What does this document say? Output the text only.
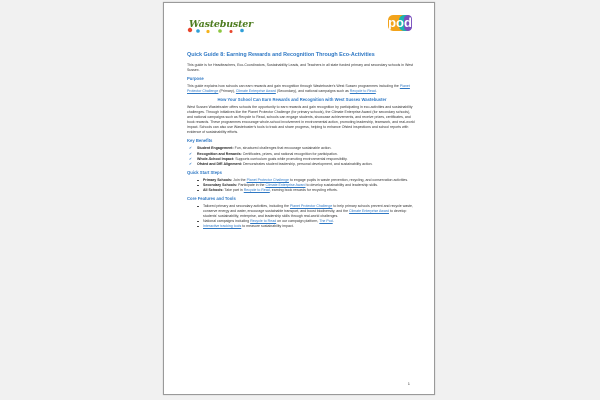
Wastebuster	pod
Quick Guide 8: Earning Rewards and Recognition Through Eco-Activities

This guide is for Headteachers, Eco-Coordinators, Sustainability Leads, and Teachers in all state funded primary and secondary schools in West Sussex.

Purpose

This guide explains how schools can earn rewards and gain recognition through Wastebuster's West Sussex programmes including the Planet Protector Challenge (Primary), Climate Enterprise Award (Secondary), and national campaigns such as Recycle to Read.

How Your School Can Earn Rewards and Recognition with West Sussex Wastebuster

West Sussex Wastebuster offers schools the opportunity to earn rewards and gain recognition by participating in eco-activities and sustainability challenges. Through initiatives like the Planet Protector Challenge (for primary schools), the Climate Enterprise Award (for secondary schools), and national campaigns such as Recycle to Read, schools can engage students, showcase achievements, and receive prizes, certificates, and book rewards. These programmes encourage whole-school involvement in environmental action, promoting leadership, teamwork, and real-world impact. Schools can also use Wastebuster's tools to track and share progress, helping to enhance Ofsted inspections and school reports with evidence of sustainability efforts.

Key Benefits
✔ Student Engagement: Fun, structured challenges that encourage sustainable action.
✔ Recognition and Rewards: Certificates, prizes, and national recognition for participation.
✔ Whole-School Impact: Supports curriculum goals while promoting environmental responsibility.
✔ Ofsted and DfE Alignment: Demonstrates student leadership, personal development, and sustainability action.
Quick Start Steps
Primary Schools: Join the Planet Protector Challenge to engage pupils in waste prevention, recycling, and conservation activities.
Secondary Schools: Participate in the Climate Enterprise Award to develop sustainability and leadership skills.
All Schools: Take part in Recycle to Read, earning book rewards for recycling efforts.
Core Features and Tools
Tailored primary and secondary activities, including the Planet Protector Challenge to help primary schools prevent and recycle waste, conserve energy and water, encourage sustainable transport, and boost biodiversity, and the Climate Enterprise Award to develop students' sustainability, enterprise, and leadership skills through real-world challenges.
National campaigns including Recycle to Read on our campaign platform, The Pod.
Interactive tracking tools to measure sustainability impact.
1
